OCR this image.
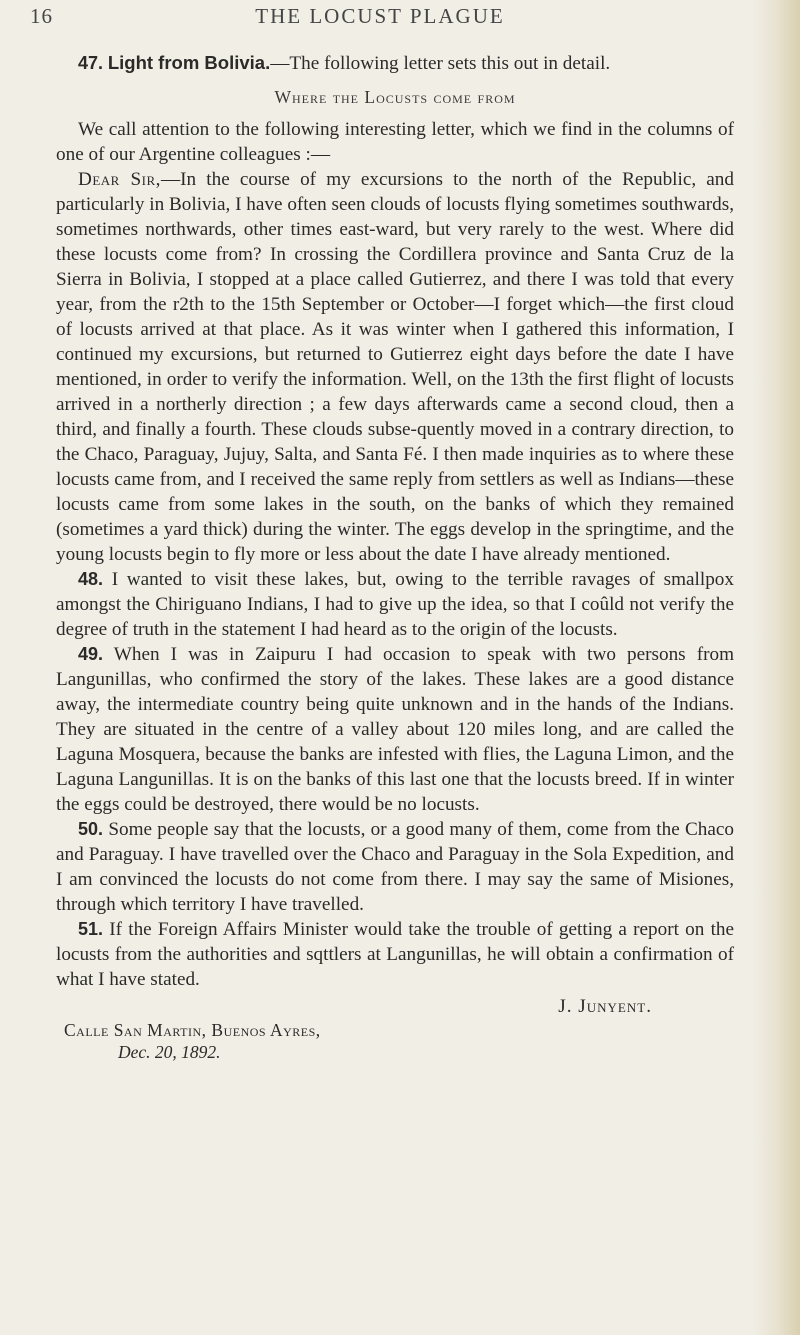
16	THE LOCUST PLAGUE

47. Light from Bolivia.—The following letter sets this out in detail.

Where the Locusts come from

We call attention to the following interesting letter, which we find in the columns of one of our Argentine colleagues :—

Dear Sir,—In the course of my excursions to the north of the Republic, and particularly in Bolivia, I have often seen clouds of locusts flying sometimes southwards, sometimes northwards, other times east-ward, but very rarely to the west. Where did these locusts come from? In crossing the Cordillera province and Santa Cruz de la Sierra in Bolivia, I stopped at a place called Gutierrez, and there I was told that every year, from the r2th to the 15th September or October—I forget which—the first cloud of locusts arrived at that place. As it was winter when I gathered this information, I continued my excursions, but returned to Gutierrez eight days before the date I have mentioned, in order to verify the information. Well, on the 13th the first flight of locusts arrived in a northerly direction ; a few days afterwards came a second cloud, then a third, and finally a fourth. These clouds subse-quently moved in a contrary direction, to the Chaco, Paraguay, Jujuy, Salta, and Santa Fé. I then made inquiries as to where these locusts came from, and I received the same reply from settlers as well as Indians—these locusts came from some lakes in the south, on the banks of which they remained (sometimes a yard thick) during the winter. The eggs develop in the springtime, and the young locusts begin to fly more or less about the date I have already mentioned.

48. I wanted to visit these lakes, but, owing to the terrible ravages of smallpox amongst the Chiriguano Indians, I had to give up the idea, so that I coûld not verify the degree of truth in the statement I had heard as to the origin of the locusts.

49. When I was in Zaipuru I had occasion to speak with two persons from Langunillas, who confirmed the story of the lakes. These lakes are a good distance away, the intermediate country being quite unknown and in the hands of the Indians. They are situated in the centre of a valley about 120 miles long, and are called the Laguna Mosquera, because the banks are infested with flies, the Laguna Limon, and the Laguna Langunillas. It is on the banks of this last one that the locusts breed. If in winter the eggs could be destroyed, there would be no locusts.

50. Some people say that the locusts, or a good many of them, come from the Chaco and Paraguay. I have travelled over the Chaco and Paraguay in the Sola Expedition, and I am convinced the locusts do not come from there. I may say the same of Misiones, through which territory I have travelled.

51. If the Foreign Affairs Minister would take the trouble of getting a report on the locusts from the authorities and sqttlers at Langunillas, he will obtain a confirmation of what I have stated.

J. Junyent.

Calle San Martin, Buenos Ayres,

Dec. 20, 1892.
